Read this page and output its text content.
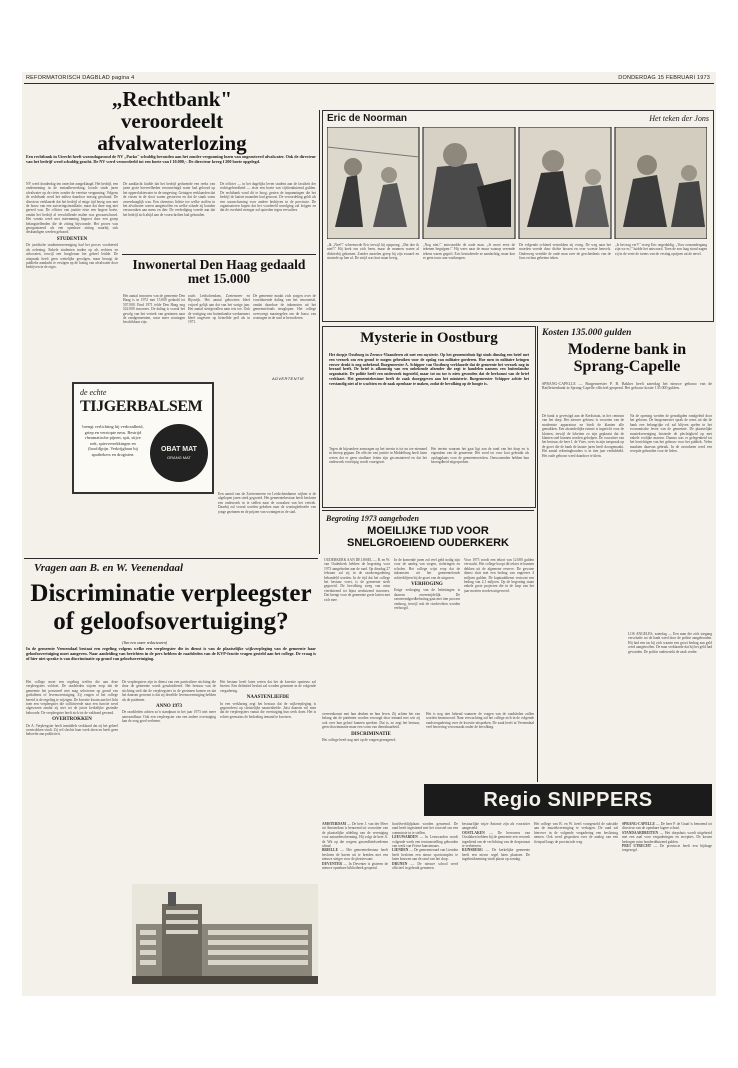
REFORMATORISCH DAGBLAD pagina 4	DONDERDAG 15 FEBRUARI 1973
„Rechtbank" veroordeelt afvalwaterlozing
Een rechtbank in Utrecht heeft woensdagavond de NV „Packo" schuldig bevonden aan het zonder vergunning lozen van ongezuiverd afvalwater. Ook de directeur van het bedrijf werd schuldig geacht. De NV werd veroordeeld tot een boete van f 10.000,-. De directeur kreeg f 200 boete opgelegd.
NV werd donderdag ten onrechte aangeklaagd. Het bedrijf, een onderneming in de metaalbewerking, loosde sinds jaren afvalwater op de rivier zonder de vereiste vergunning. Volgens de rechtbank werd het milieu daardoor ernstig geschaad. De directeur verklaarde dat het bedrijf al enige tijd bezig was met de bouw van een zuiveringsinstallatie, maar dat deze nog niet gereed was. De officier van justitie eiste een hogere boete, omdat het bedrijf al verschillende malen was gewaarschuwd. Het vonnis werd met instemming begroet door een groep belangstellenden die de zitting bijwoonde. Het proces was georganiseerd als een openbare zitting waarbij ook deskundigen werden gehoord.
STUDENTEN
De juridische studentenvereniging had het proces voorbereid als oefening. Enkele studenten traden op als rechters en advocaten, terwijl een hoogleraar het geheel leidde. De uitspraak heeft geen wettelijke gevolgen, maar beoogt de publieke aandacht te vestigen op de lozing van afvalwater door bedrijven in de regio.
De aanklacht luidde dat het bedrijf gedurende een reeks van jaren grote hoeveelheden verontreinigd water had geloosd op het oppervlaktewater in de omgeving. Getuigen verklaarden dat de vissen in de sloot waren gestorven en dat de stank soms onverdraaglijk was. Een chemicus lichtte toe welke stoffen in het afvalwater waren aangetroffen en welke schade zij konden veroorzaken aan mens en dier. De verdediging voerde aan dat het bedrijf zich altijd aan de voorschriften had gehouden.
De officier — in het dagelijks leven student aan de faculteit der rechtsgeleerdheid — eiste een boete van vijftienduizend gulden. De rechtbank vond dit te hoog, gezien de inspanningen die het bedrijf de laatste maanden had getroost. De veroordeling geldt als een waarschuwing voor andere bedrijven in de provincie. De organisatoren hopen dat het voorbeeld navolging zal krijgen en dat de overheid strenger zal optreden tegen vervuilers.
Inwonertal Den Haag gedaald met 15.000
Het aantal inwoners van de gemeente Den Haag is in 1972 met 15.000 gedaald tot 507.000. Eind 1971 telde Den Haag nog 522.000 inwoners. De daling is vooral het gevolg van het vertrek van gezinnen naar de randgemeenten, waar meer woningen beschikbaar zijn.
zoals Leidschendam, Zoetermeer en Rijswijk. Het aantal geboorten bleef vrijwel gelijk aan dat van het vorige jaar. Het aantal sterfgevallen nam iets toe. Ook de vestiging van buitenlandse werknemers bleef ongeveer op hetzelfde peil als in 1971.
De gemeente maakt zich zorgen over de voortdurende daling van het inwonertal, omdat daardoor de inkomsten uit het gemeentefonds teruglopen. Het college overweegt maatregelen om de bouw van woningen in de stad te bevorderen.
ADVERTENTIE
de echte
TIJGERBALSEM
brengt verlichting bij verkoudheid, griep en verstopte neus. Bestrijd rheumatische pijnen, spit, stijve nek, spierverrekkingen en (hoofd)pijn. Verkrijgbaar bij apothekers en drogisten.
OBAT MAT
ORANG MAT
Een aantal van de Zoetermeerse en Leidschendamse wijken is de afgelopen jaren sterk gegroeid. Het gemeentebestuur heeft besloten een onderzoek in te stellen naar de oorzaken van het vertrek. Daarbij zal vooral worden gekeken naar de woningbehoefte van jonge gezinnen en de prijzen van woningen in de stad.
Eric de Noorman	Het teken der Jons
„Ik „Nee!\" schreeuwde Eric terwijl hij opsprong. „Dat doe ik niet!\" Hij keek om zich heen, maar de mannen waren al dichterbij gekomen. Zonder aarzelen greep hij zijn zwaard en stormde op hen af. De strijd was kort maar hevig.
„Nog niet,\" antwoordde de oude man. „Je moet eerst de tekenen begrijpen.\" Hij wees naar de muur waarop vreemde tekens waren gegrift. Eric bestudeerde ze aandachtig, maar kon er geen touw aan vastknopen.
De volgende ochtend vertrokken zij vroeg. De weg naar het noorden voerde door dichte bossen en over woeste heuvels. Onderweg vertelde de oude man over de geschiedenis van de Jons en hun geheime teken.
„Is het nog ver?\" vroeg Eric ongeduldig. „Voor zonsondergang zijn we er,\" luidde het antwoord. Toen de zon laag stond zagen zij in de verte de torens van de vesting oprijzen uit de nevel.
Mysterie in Oostburg
Het dorpje Oostburg in Zeeuws-Vlaanderen zit met een mysterie. Op het gemeentehuis ligt sinds dinsdag een brief met een verzoek om een grond te mogen gebruiken voor de opslag van militaire goederen. Hoe men in militaire kringen erover denkt is nog onbekend. Burgemeester A. Schipper van Oostburg verklaarde dat de gemeente het verzoek nog in beraad heeft. De brief is afkomstig van een onbekende afzender die zegt te handelen namens een buitenlandse organisatie. De politie heeft een onderzoek ingesteld, maar tot nu toe is niets gevonden dat de herkomst van de brief verklaart. Het gemeentebestuur heeft de zaak doorgegeven aan het ministerie. Burgemeester Schipper achtte het verstandig niet af te wachten en de zaak openbaar te maken, zodat de bevolking op de hoogte is.
Tegen de bijzondere aanvragen op het terrein is tot nu toe niemand in beroep gegaan. De officier van justitie in Middelburg heeft laten weten dat er geen strafbare feiten zijn geconstateerd en dat het onderzoek voorlopig wordt voortgezet.
Het terrein waarom het gaat ligt aan de rand van het dorp en is eigendom van de gemeente. Het werd tot voor kort gebruikt als opslagplaats voor de gemeentewerken. Omwonenden hebben hun bezorgdheid uitgesproken.
Kosten 135.000 gulden
Moderne bank in Sprang-Capelle
SPRANG-CAPELLE — Burgemeester P. B. Bakker heeft zaterdag het nieuwe gebouw van de Raiffeisenbank in Sprang-Capelle officieel geopend. Het gebouw kostte 135.000 gulden.
De bank is gevestigd aan de Kerkstraat, in het centrum van het dorp. Het nieuwe gebouw is voorzien van de modernste apparatuur en biedt de klanten alle gemakken. Een afzonderlijke ruimte is ingericht voor de kluizen, terwijl de loketten zo zijn geplaatst dat de klanten snel kunnen worden geholpen. De voorzitter van het bestuur, de heer J. de Vries, wees in zijn toespraak op de groei die de bank de laatste jaren heeft doorgemaakt. Het aantal rekeninghouders is in tien jaar verdubbeld. Het oude gebouw werd daardoor te klein.
Na de opening werden de genodigden rondgeleid door het gebouw. De burgemeester sprak de wens uit dat de bank een belangrijke rol zal blijven spelen in het economische leven van de gemeente. De plaatselijke muziekvereniging luisterde de plechtigheid op met enkele vrolijke marsen. Daarna was er gelegenheid tot het bezichtigen van het gebouw voor het publiek. Velen maakten daarvan gebruik. In de avonduren werd een receptie gehouden voor de leden.
Begroting 1973 aangeboden
MOEILIJKE TIJD VOOR SNELGROEIEND OUDERKERK
OUDERKERK AAN DE IJSSEL — B. en W. van Ouderkerk hebben de begroting voor 1973 aangeboden aan de raad. Op dinsdag 27 februari zal zij in de raadsvergadering behandeld worden. In de tijd dat het college het bestuur voert, is de gemeente sterk gegroeid. De bevolking steeg van ruim vierduizend tot bijna zesduizend inwoners. Dat brengt voor de gemeente grote lasten met zich mee.
In de komende jaren zal veel geld nodig zijn voor de aanleg van wegen, rioleringen en scholen. Het college wijst erop dat de inkomsten uit het gemeentefonds achterblijven bij de groei van de uitgaven.
VERHOGING
Enige verhoging van de belastingen is daarom onvermijdelijk. De onroerendgoedbelasting gaat met tien procent omhoog, terwijl ook de rioolrechten worden verhoogd.
Voor 1973 wordt een tekort van 12.000 gulden verwacht. Het college hoopt dit tekort te kunnen dekken uit de algemene reserve. De gewone dienst sluit met een bedrag van ongeveer 4 miljoen gulden. De kapitaaldienst vertoont een bedrag van 2,1 miljoen. Op de begroting staan enkele grote projecten die in de loop van het jaar moeten worden uitgevoerd.
Vragen aan B. en W. Veenendaal
Discriminatie verpleegster of geloofsovertuiging?
(Van een onzer redacteuren)
In de gemeente Veenendaal bestaat een regeling volgens welke een verpleegster die in dienst is van de plaatselijke wijkverpleging van de gemeente haar geloofsovertuiging moet aangeven. Naar aanleiding van berichten in de pers hebben de raadsleden van de KVP-fractie vragen gesteld aan het college. De vraag is of hier niet sprake is van discriminatie op grond van geloofsovertuiging.
Het college moet een regeling treffen die aan deze verpleegsters voldoet. De raadsleden wijzen erop dat de gemeente het personeel niet mag selecteren op grond van godsdienst of levensovertuiging. Zij vragen of het college bereid is de regeling te wijzigen. De kwestie kwam aan het licht toen een verpleegster die solliciteerde naar een functie werd afgewezen omdat zij niet tot de juiste kerkelijke gezindte behoorde. De verpleegster heeft zich tot de vakbond gewend.
OVERTROKKEN
De A. Verpleegster heeft inmiddels verklaard dat zij het geheel overtrokken vindt. Zij wil slechts haar werk doen en heeft geen behoefte aan publiciteit.
De verpleegsters zijn in dienst van een particuliere stichting die door de gemeente wordt gesubsidieerd. Het bestuur van de stichting stelt dat de verpleegsters in de gezinnen komen en dat het daarom gewenst is dat zij dezelfde levensovertuiging hebben als de patiënten.
ANNO 1973
De raadsleden achten zo'n standpunt in het jaar 1973 niet meer aanvaardbaar. Ook een verpleegster van een andere overtuiging kan de zorg goed verlenen.
Het bestuur heeft laten weten dat het de kwestie opnieuw zal bezien. Een definitief besluit zal worden genomen in de volgende vergadering.
NAASTENLIEFDE
In een verklaring zegt het bestuur dat de wijkverpleging is gegrondvest op christelijke naastenliefde. Juist daarom wil men dat de verpleegsters vanuit die overtuiging hun werk doen. Het is echter geenszins de bedoeling iemand te kwetsen.
overeenkomst met hun denken en hun leven. Zij achten het van belang dat de patiënten worden verzorgd door iemand met wie zij ook over hun geloof kunnen spreken. Dat is, zo zegt het bestuur, geen discriminatie maar een vorm van dienstbaarheid.
DISCRIMINATIE
Het college heeft nog niet op de vragen gereageerd.
Het is nog niet bekend wanneer de vragen van de raadsleden zullen worden beantwoord. Naar verwachting zal het college zich in de volgende raadsvergadering over de kwestie uitspreken. De zaak heeft in Veenendaal veel beroering veroorzaakt onder de bevolking.
Regio SNIPPERS
AMSTERDAM — De heer J. van der Meer uit Amsterdam is benoemd tot voorzitter van de plaatselijke afdeling van de vereniging voor natuurbescherming. Hij volgt de heer A. de Wit op die wegens gezondheidsredenen aftrad.
BRIELLE — Het gemeentebestuur heeft besloten de haven uit te breiden met een nieuwe steiger voor de pleziervaart.
DEVENTER — In Deventer is gisteren de nieuwe openbare bibliotheek geopend.
hoofdverblijfplaats worden genoemd. De raad heeft ingestemd met het voorstel om een commissie in te stellen.
LEEUWARDEN — In Leeuwarden wordt volgende week een tentoonstelling gehouden van werk van Friese kunstenaars.
LIENDEN — De gemeenteraad van Lienden heeft besloten een nieuw sportcomplex te laten bouwen aan de rand van het dorp.
DRUNEN — De nieuwe school werd officieel in gebruik genomen.
bestuurlijke wijze Antonie zijn als voorzitter aangesteld.
OOSTLAKEN — De bewoners van Oostlaken hebben bij de gemeente een verzoek ingediend om de verlichting van de dorpsstraat te verbeteren.
RIJNSBURG — De kerkelijke gemeente heeft een nieuw orgel laten plaatsen. De ingebruikneming vindt plaats op zondag.
Het college van B. en W. heeft voorgesteld de subsidie aan de muziekvereniging te verhogen. De raad zal hierover in de volgende vergadering een beslissing nemen. Ook werd gesproken over de aanleg van een fietspad langs de provinciale weg.
SPRANG-CAPELLE — De heer P. de Graaf is benoemd tot directeur van de openbare lagere school.
STANDAARDBUITEN — Het dorpshuis wordt uitgebreid met een zaal voor vergaderingen en recepties. De kosten bedragen ruim honderdduizend gulden.
PRUI UTRECHT — De provincie heeft een bijdrage toegezegd.
LOS ANGELES, zaterdag — Een man die zich toegang verschafte tot de bank werd door de politie aangehouden. Hij had een tas bij zich waarin een groot bedrag aan geld werd aangetroffen. De man verklaarde dat hij het geld had gevonden. De politie onderzoekt de zaak verder.
